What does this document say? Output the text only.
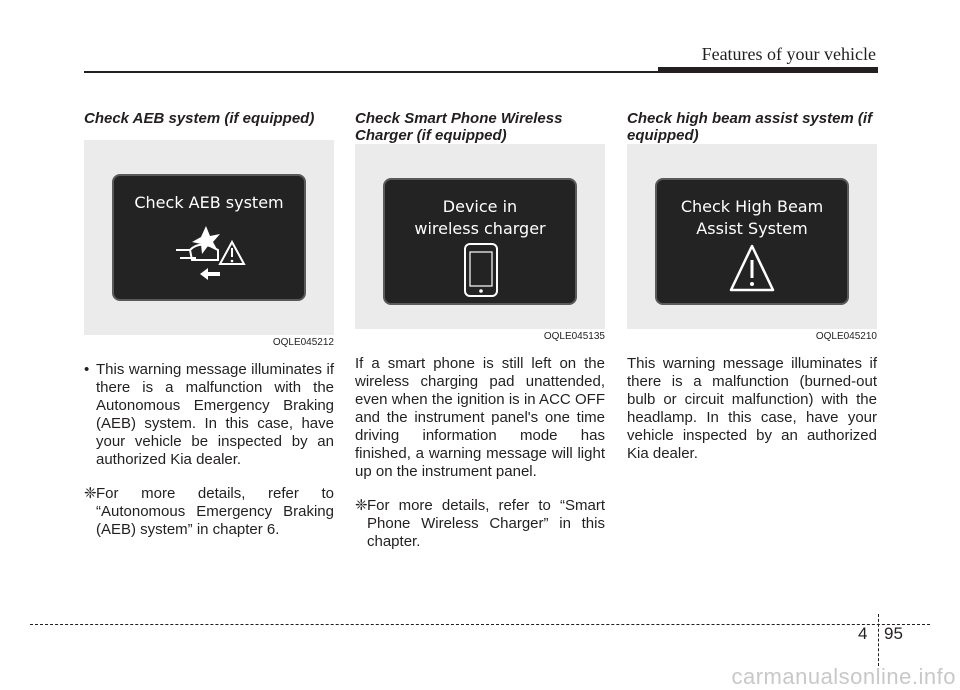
Features of your vehicle

Check AEB system (if equipped)

Check AEB system
OQLE045212
• This warning message illuminates if there is a malfunction with the Autonomous Emergency Braking (AEB) system. In this case, have your vehicle be inspected by an authorized Kia dealer.
❈ For more details, refer to “Autonomous Emergency Braking (AEB) system” in chapter 6.

Check Smart Phone Wireless Charger (if equipped)

Device in
wireless charger
OQLE045135

If a smart phone is still left on the wireless charging pad unattended, even when the ignition is in ACC OFF and the instrument panel's one time driving information mode has finished, a warning message will light up on the instrument panel.

❈ For more details, refer to “Smart Phone Wireless Charger” in this chapter.

Check high beam assist system (if equipped)

Check High Beam
Assist System
OQLE045210

This warning message illuminates if there is a malfunction (burned-out bulb or circuit malfunction) with the headlamp. In this case, have your vehicle inspected by an authorized Kia dealer.

4 95
carmanualsonline.info
